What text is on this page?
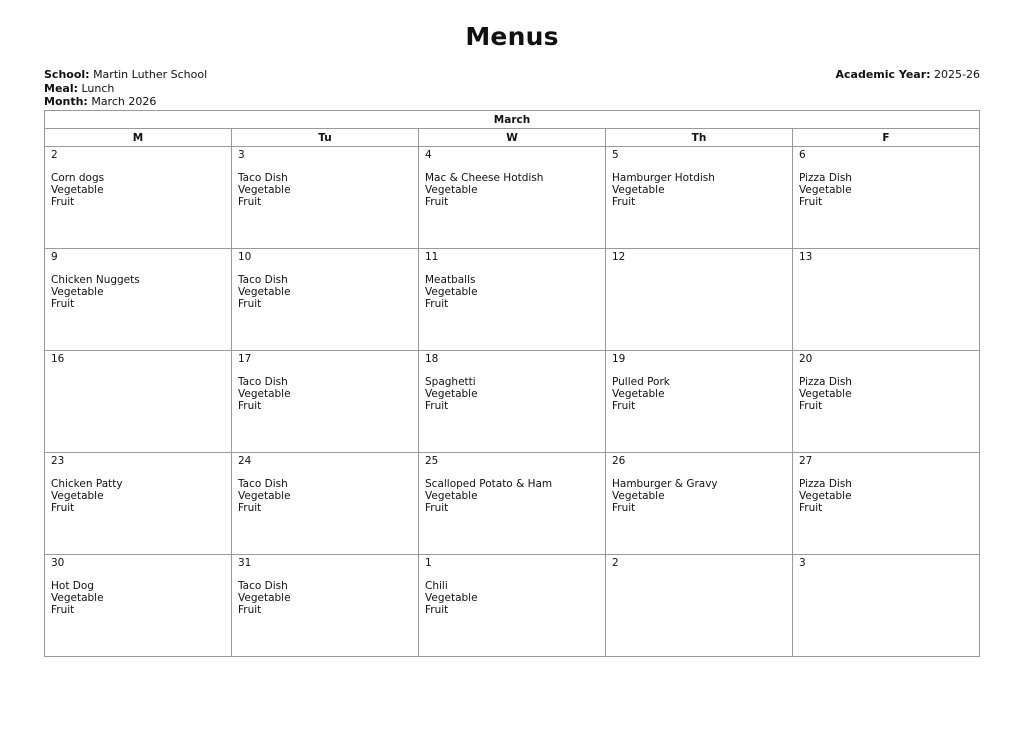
Menus
School: Martin Luther School
Meal: Lunch
Month: March 2026
Academic Year: 2025-26
March				
M	Tu	W	Th	F

2
Corn dogs
Vegetable
Fruit	3
Taco Dish
Vegetable
Fruit	4
Mac & Cheese Hotdish
Vegetable
Fruit	5
Hamburger Hotdish
Vegetable
Fruit	6
Pizza Dish
Vegetable
Fruit

9
Chicken Nuggets
Vegetable
Fruit	10
Taco Dish
Vegetable
Fruit	11
Meatballs
Vegetable
Fruit	12	13

16	17
Taco Dish
Vegetable
Fruit	18
Spaghetti
Vegetable
Fruit	19
Pulled Pork
Vegetable
Fruit	20
Pizza Dish
Vegetable
Fruit

23
Chicken Patty
Vegetable
Fruit	24
Taco Dish
Vegetable
Fruit	25
Scalloped Potato & Ham
Vegetable
Fruit	26
Hamburger & Gravy
Vegetable
Fruit	27
Pizza Dish
Vegetable
Fruit

30
Hot Dog
Vegetable
Fruit	31
Taco Dish
Vegetable
Fruit	1
Chili
Vegetable
Fruit	2	3
